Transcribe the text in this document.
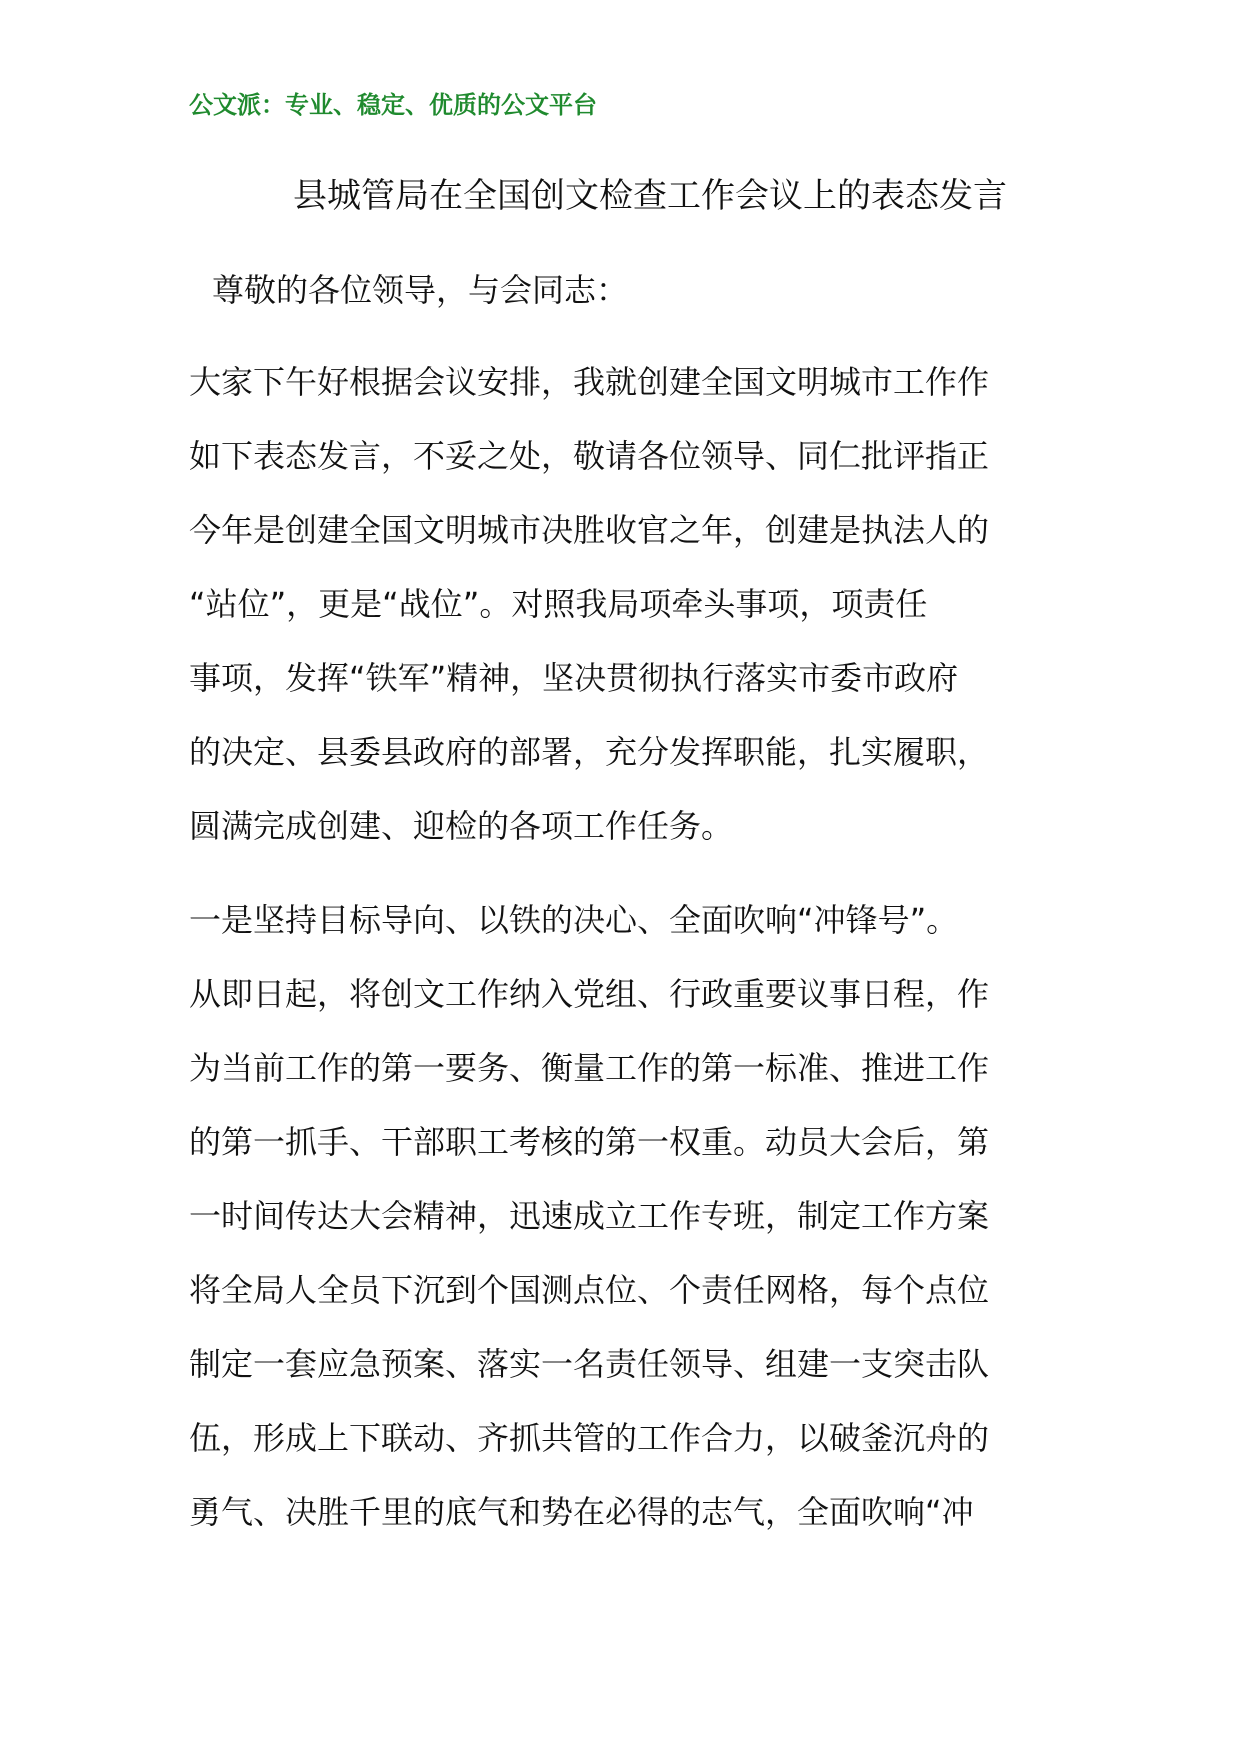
公文派：专业、稳定、优质的公文平台
县城管局在全国创文检查工作会议上的表态发言
尊敬的各位领导，与会同志：
大家下午好根据会议安排，我就创建全国文明城市工作作
如下表态发言，不妥之处，敬请各位领导、同仁批评指正
今年是创建全国文明城市决胜收官之年，创建是执法人的
“站位”，更是“战位”。对照我局项牵头事项，项责任
事项，发挥“铁军”精神，坚决贯彻执行落实市委市政府
的决定、县委县政府的部署，充分发挥职能，扎实履职，
圆满完成创建、迎检的各项工作任务。
一是坚持目标导向、以铁的决心、全面吹响“冲锋号”。
从即日起，将创文工作纳入党组、行政重要议事日程，作
为当前工作的第一要务、衡量工作的第一标准、推进工作
的第一抓手、干部职工考核的第一权重。动员大会后，第
一时间传达大会精神，迅速成立工作专班，制定工作方案
将全局人全员下沉到个国测点位、个责任网格，每个点位
制定一套应急预案、落实一名责任领导、组建一支突击队
伍，形成上下联动、齐抓共管的工作合力，以破釜沉舟的
勇气、决胜千里的底气和势在必得的志气，全面吹响“冲
